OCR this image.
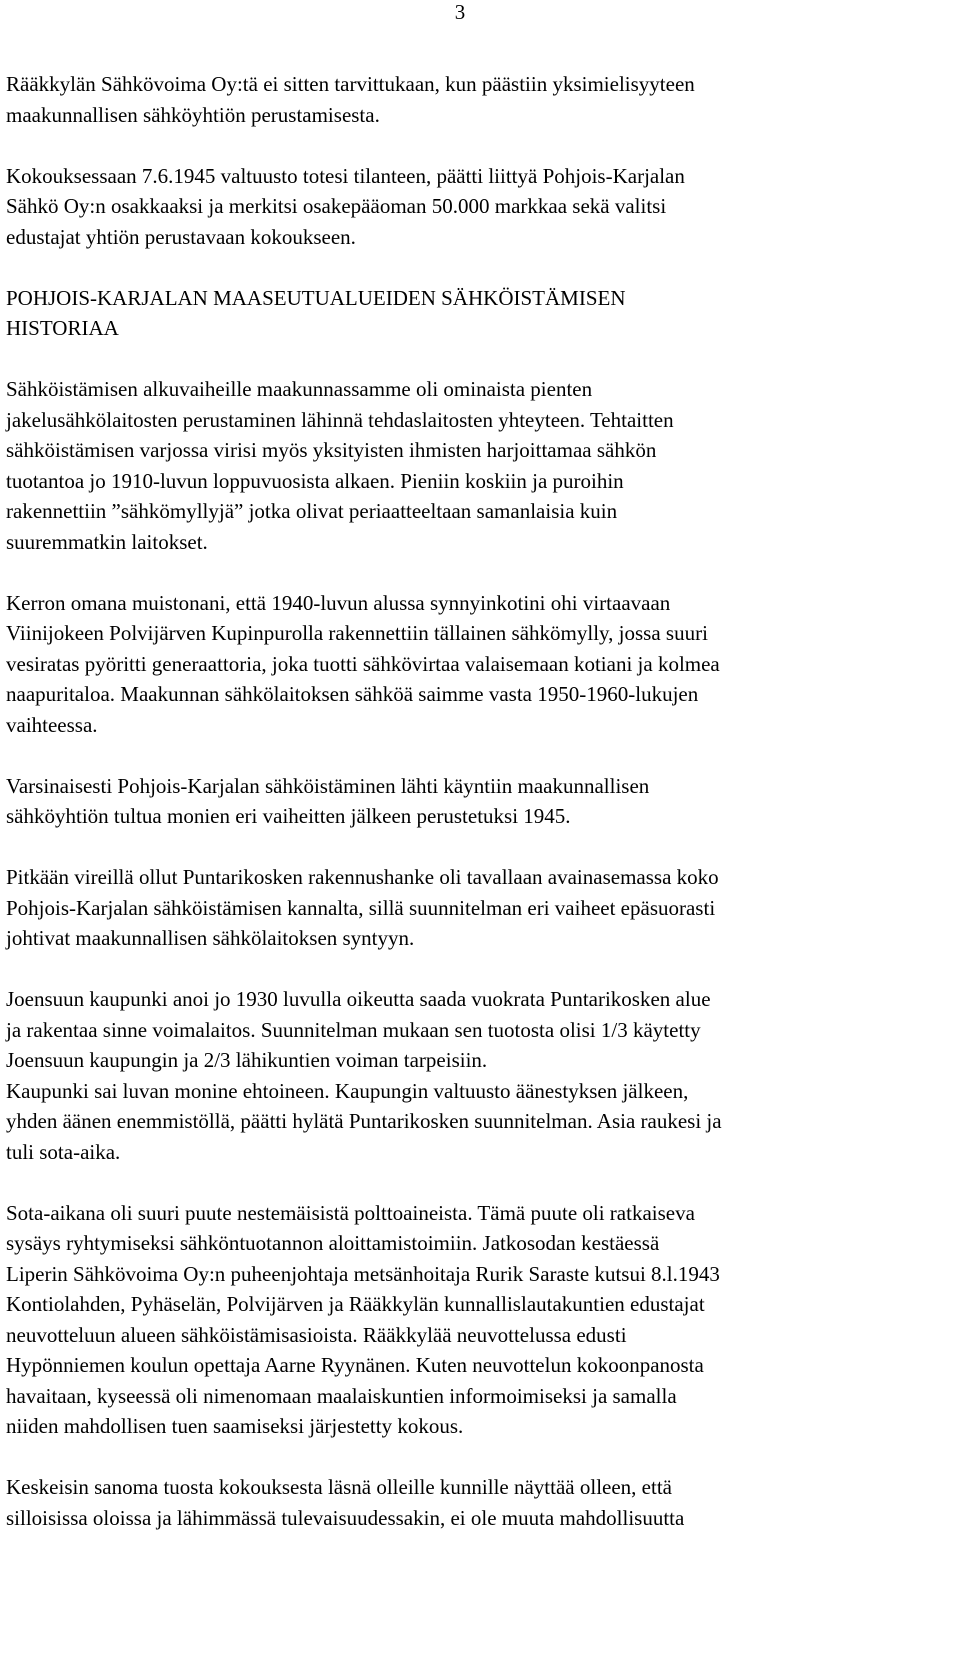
3
Rääkkylän Sähkövoima Oy:tä ei sitten tarvittukaan, kun päästiin yksimielisyyteen
maakunnallisen sähköyhtiön perustamisesta.
Kokouksessaan 7.6.1945 valtuusto totesi tilanteen, päätti liittyä Pohjois-Karjalan
Sähkö Oy:n osakkaaksi ja merkitsi osakepääoman 50.000 markkaa sekä valitsi
edustajat yhtiön perustavaan kokoukseen.
POHJOIS-KARJALAN MAASEUTUALUEIDEN SÄHKÖISTÄMISEN
HISTORIAA
Sähköistämisen alkuvaiheille maakunnassamme oli ominaista pienten
jakelusähkölaitosten perustaminen lähinnä tehdaslaitosten yhteyteen. Tehtaitten
sähköistämisen varjossa virisi myös yksityisten ihmisten harjoittamaa sähkön
tuotantoa jo 1910-luvun loppuvuosista alkaen. Pieniin koskiin ja puroihin
rakennettiin ”sähkömyllyjä” jotka olivat periaatteeltaan samanlaisia kuin
suuremmatkin laitokset.
Kerron omana muistonani, että 1940-luvun alussa synnyinkotini ohi virtaavaan
Viinijokeen Polvijärven Kupinpurolla rakennettiin tällainen sähkömylly, jossa suuri
vesiratas pyöritti generaattoria, joka tuotti sähkövirtaa valaisemaan kotiani ja kolmea
naapuritaloa. Maakunnan sähkölaitoksen sähköä saimme vasta 1950-1960-lukujen
vaihteessa.
Varsinaisesti Pohjois-Karjalan sähköistäminen lähti käyntiin maakunnallisen
sähköyhtiön tultua monien eri vaiheitten jälkeen perustetuksi 1945.
Pitkään vireillä ollut Puntarikosken rakennushanke oli tavallaan avainasemassa koko
Pohjois-Karjalan sähköistämisen kannalta, sillä suunnitelman eri vaiheet epäsuorasti
johtivat maakunnallisen sähkölaitoksen syntyyn.
Joensuun kaupunki anoi jo 1930 luvulla oikeutta saada vuokrata Puntarikosken alue
ja rakentaa sinne voimalaitos. Suunnitelman mukaan sen tuotosta olisi 1/3 käytetty
Joensuun kaupungin ja 2/3 lähikuntien voiman tarpeisiin.
Kaupunki sai luvan monine ehtoineen. Kaupungin valtuusto äänestyksen jälkeen,
yhden äänen enemmistöllä, päätti hylätä Puntarikosken suunnitelman. Asia raukesi ja
tuli sota-aika.
Sota-aikana oli suuri puute nestemäisistä polttoaineista. Tämä puute oli ratkaiseva
sysäys ryhtymiseksi sähköntuotannon aloittamistoimiin. Jatkosodan kestäessä
Liperin Sähkövoima Oy:n puheenjohtaja metsänhoitaja Rurik Saraste kutsui 8.l.1943
Kontiolahden, Pyhäselän, Polvijärven ja Rääkkylän kunnallislautakuntien edustajat
neuvotteluun alueen sähköistämisasioista. Rääkkylää neuvottelussa edusti
Hypönniemen koulun opettaja Aarne Ryynänen. Kuten neuvottelun kokoonpanosta
havaitaan, kyseessä oli nimenomaan maalaiskuntien informoimiseksi ja samalla
niiden mahdollisen tuen saamiseksi järjestetty kokous.
Keskeisin sanoma tuosta kokouksesta läsnä olleille kunnille näyttää olleen, että
silloisissa oloissa ja lähimmässä tulevaisuudessakin, ei ole muuta mahdollisuutta
